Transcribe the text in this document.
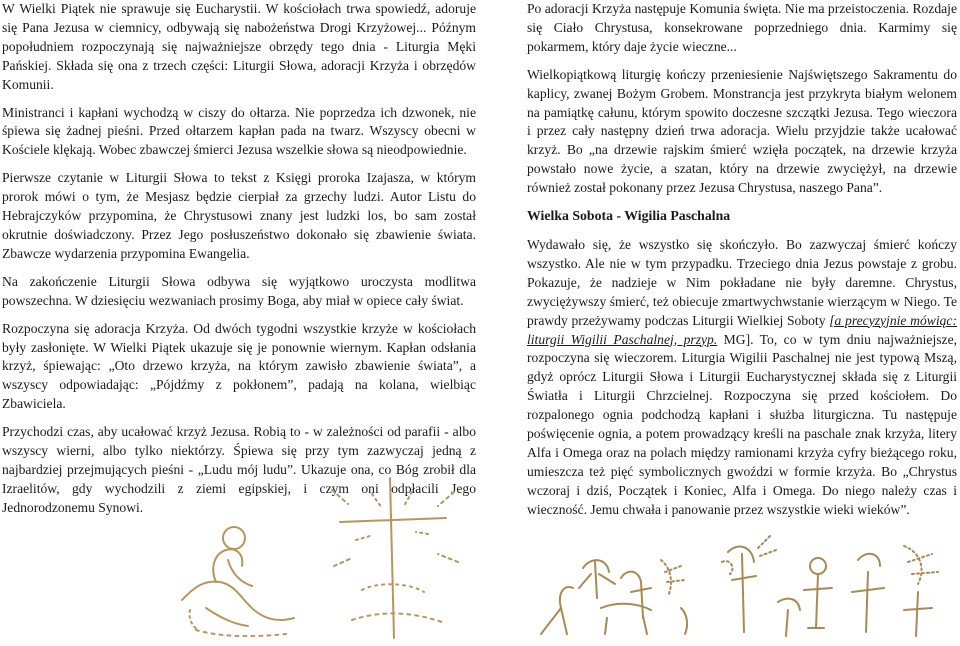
W Wielki Piątek nie sprawuje się Eucharystii. W kościołach trwa spowiedź, adoruje się Pana Jezusa w ciemnicy, odbywają się nabożeństwa Drogi Krzyżowej... Późnym popołudniem rozpoczynają się najważniejsze obrzędy tego dnia - Liturgia Męki Pańskiej. Składa się ona z trzech części: Liturgii Słowa, adoracji Krzyża i obrzędów Komunii.

Ministranci i kapłani wychodzą w ciszy do ołtarza. Nie poprzedza ich dzwonek, nie śpiewa się żadnej pieśni. Przed ołtarzem kapłan pada na twarz. Wszyscy obecni w Kościele klękają. Wobec zbawczej śmierci Jezusa wszelkie słowa są nieodpowiednie.

Pierwsze czytanie w Liturgii Słowa to tekst z Księgi proroka Izajasza, w którym prorok mówi o tym, że Mesjasz będzie cierpiał za grzechy ludzi. Autor Listu do Hebrajczyków przypomina, że Chrystusowi znany jest ludzki los, bo sam został okrutnie doświadczony. Przez Jego posłuszeństwo dokonało się zbawienie świata. Zbawcze wydarzenia przypomina Ewangelia.

Na zakończenie Liturgii Słowa odbywa się wyjątkowo uroczysta modlitwa powszechna. W dziesięciu wezwaniach prosimy Boga, aby miał w opiece cały świat.

Rozpoczyna się adoracja Krzyża. Od dwóch tygodni wszystkie krzyże w kościołach były zasłonięte. W Wielki Piątek ukazuje się je ponownie wiernym. Kapłan odsłania krzyż, śpiewając: „Oto drzewo krzyża, na którym zawisło zbawienie świata”, a wszyscy odpowiadając: „Pójdźmy z pokłonem”, padają na kolana, wielbiąc Zbawiciela.

Przychodzi czas, aby ucałować krzyż Jezusa. Robią to - w zależności od parafii - albo wszyscy wierni, albo tylko niektórzy. Śpiewa się przy tym zazwyczaj jedną z najbardziej przejmujących pieśni - „Ludu mój ludu”. Ukazuje ona, co Bóg zrobił dla Izraelitów, gdy wychodzili z ziemi egipskiej, i czym oni odpłacili Jego Jednorodzonemu Synowi.

Po adoracji Krzyża następuje Komunia święta. Nie ma przeistoczenia. Rozdaje się Ciało Chrystusa, konsekrowane poprzedniego dnia. Karmimy się pokarmem, który daje życie wieczne...

Wielkopiątkową liturgię kończy przeniesienie Najświętszego Sakramentu do kaplicy, zwanej Bożym Grobem. Monstrancja jest przykryta białym welonem na pamiątkę całunu, którym spowito doczesne szczątki Jezusa. Tego wieczora i przez cały następny dzień trwa adoracja. Wielu przyjdzie także ucałować krzyż. Bo „na drzewie rajskim śmierć wzięła początek, na drzewie krzyża powstało nowe życie, a szatan, który na drzewie zwyciężył, na drzewie również został pokonany przez Jezusa Chrystusa, naszego Pana”.

Wielka Sobota - Wigilia Paschalna

Wydawało się, że wszystko się skończyło. Bo zazwyczaj śmierć kończy wszystko. Ale nie w tym przypadku. Trzeciego dnia Jezus powstaje z grobu. Pokazuje, że nadzieje w Nim pokładane nie były daremne. Chrystus, zwyciężywszy śmierć, też obiecuje zmartwychwstanie wierzącym w Niego. Te prawdy przeżywamy podczas Liturgii Wielkiej Soboty [a precyzyjnie mówiąc: liturgii Wigilii Paschalnej, przyp. MG]. To, co w tym dniu najważniejsze, rozpoczyna się wieczorem. Liturgia Wigilii Paschalnej nie jest typową Mszą, gdyż oprócz Liturgii Słowa i Liturgii Eucharystycznej składa się z Liturgii Światła i Liturgii Chrzcielnej. Rozpoczyna się przed kościołem. Do rozpalonego ognia podchodzą kapłani i służba liturgiczna. Tu następuje poświęcenie ognia, a potem prowadzący kreśli na paschale znak krzyża, litery Alfa i Omega oraz na polach między ramionami krzyża cyfry bieżącego roku, umieszcza też pięć symbolicznych gwoździ w formie krzyża. Bo „Chrystus wczoraj i dziś, Początek i Koniec, Alfa i Omega. Do niego należy czas i wieczność. Jemu chwała i panowanie przez wszystkie wieki wieków”.
